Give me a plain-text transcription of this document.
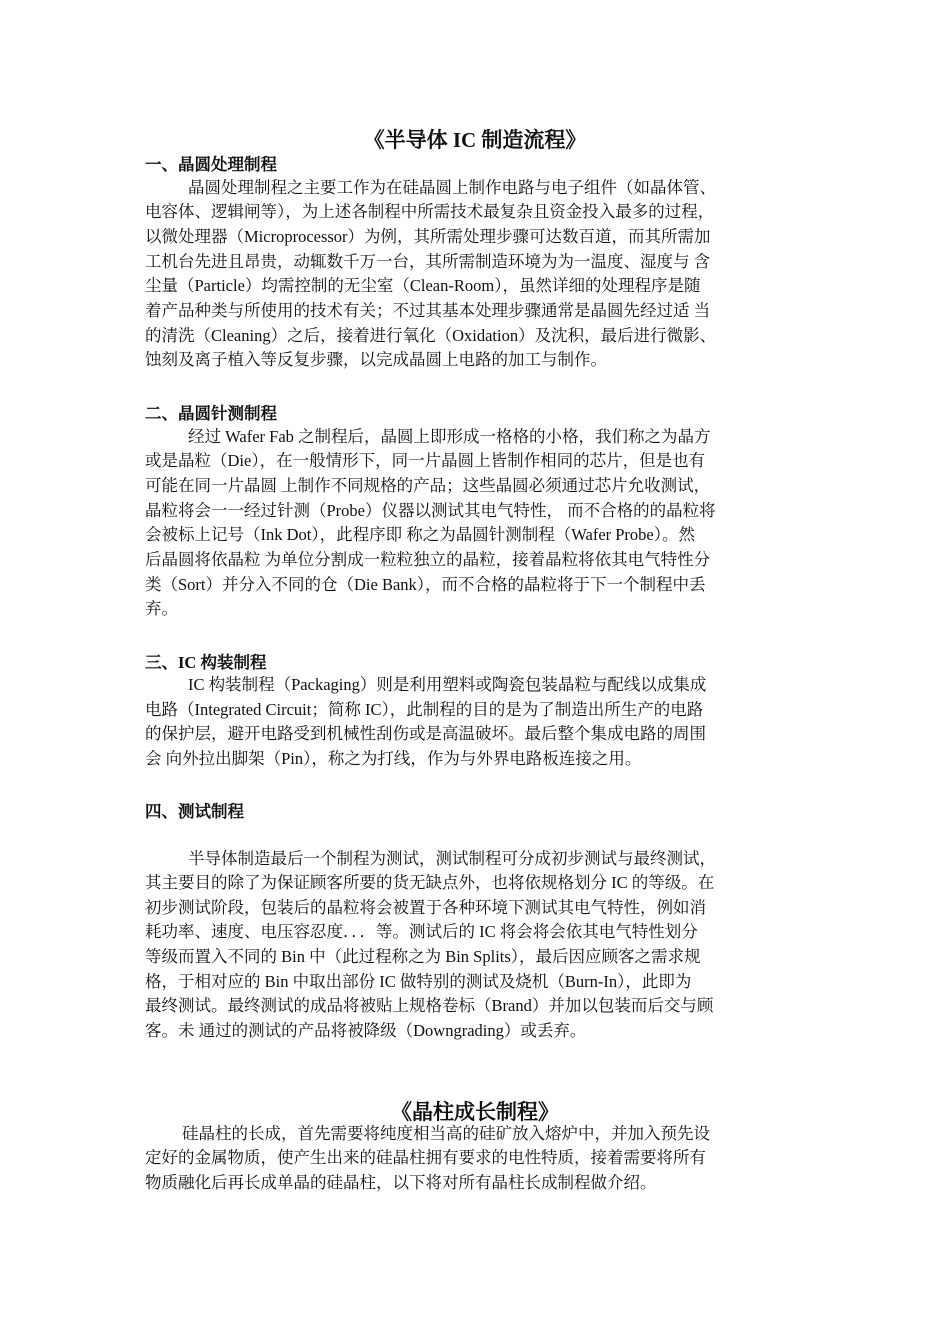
《半导体 IC 制造流程》
一、晶圆处理制程
晶圆处理制程之主要工作为在硅晶圆上制作电路与电子组件（如晶体管、
电容体、逻辑闸等），为上述各制程中所需技术最复杂且资金投入最多的过程，
以微处理器（Microprocessor）为例，其所需处理步骤可达数百道，而其所需加
工机台先进且昂贵，动辄数千万一台，其所需制造环境为为一温度、湿度与 含
尘量（Particle）均需控制的无尘室（Clean-Room），虽然详细的处理程序是随
着产品种类与所使用的技术有关；不过其基本处理步骤通常是晶圆先经过适 当
的清洗（Cleaning）之后，接着进行氧化（Oxidation）及沈积，最后进行微影、
蚀刻及离子植入等反复步骤，以完成晶圆上电路的加工与制作。
二、晶圆针测制程
经过 Wafer Fab 之制程后，晶圆上即形成一格格的小格，我们称之为晶方
或是晶粒（Die），在一般情形下，同一片晶圆上皆制作相同的芯片，但是也有
可能在同一片晶圆 上制作不同规格的产品；这些晶圆必须通过芯片允收测试，
晶粒将会一一经过针测（Probe）仪器以测试其电气特性， 而不合格的的晶粒将
会被标上记号（Ink Dot），此程序即 称之为晶圆针测制程（Wafer Probe）。然
后晶圆将依晶粒 为单位分割成一粒粒独立的晶粒，接着晶粒将依其电气特性分
类（Sort）并分入不同的仓（Die Bank），而不合格的晶粒将于下一个制程中丢
弃。
三、IC 构装制程
IC 构装制程（Packaging）则是利用塑料或陶瓷包装晶粒与配线以成集成
电路（Integrated Circuit；简称 IC），此制程的目的是为了制造出所生产的电路
的保护层，避开电路受到机械性刮伤或是高温破坏。最后整个集成电路的周围
会 向外拉出脚架（Pin），称之为打线，作为与外界电路板连接之用。
四、测试制程
半导体制造最后一个制程为测试，测试制程可分成初步测试与最终测试，
其主要目的除了为保证顾客所要的货无缺点外，也将依规格划分 IC 的等级。在
初步测试阶段，包装后的晶粒将会被置于各种环境下测试其电气特性，例如消
耗功率、速度、电压容忍度．．．等。测试后的 IC 将会将会依其电气特性划分
等级而置入不同的 Bin 中（此过程称之为 Bin Splits），最后因应顾客之需求规
格，于相对应的 Bin 中取出部份 IC 做特别的测试及烧机（Burn-In），此即为
最终测试。最终测试的成品将被贴上规格卷标（Brand）并加以包装而后交与顾
客。未 通过的测试的产品将被降级（Downgrading）或丢弃。
《晶柱成长制程》
硅晶柱的长成，首先需要将纯度相当高的硅矿放入熔炉中，并加入预先设
定好的金属物质，使产生出来的硅晶柱拥有要求的电性特质，接着需要将所有
物质融化后再长成单晶的硅晶柱，以下将对所有晶柱长成制程做介绍。
